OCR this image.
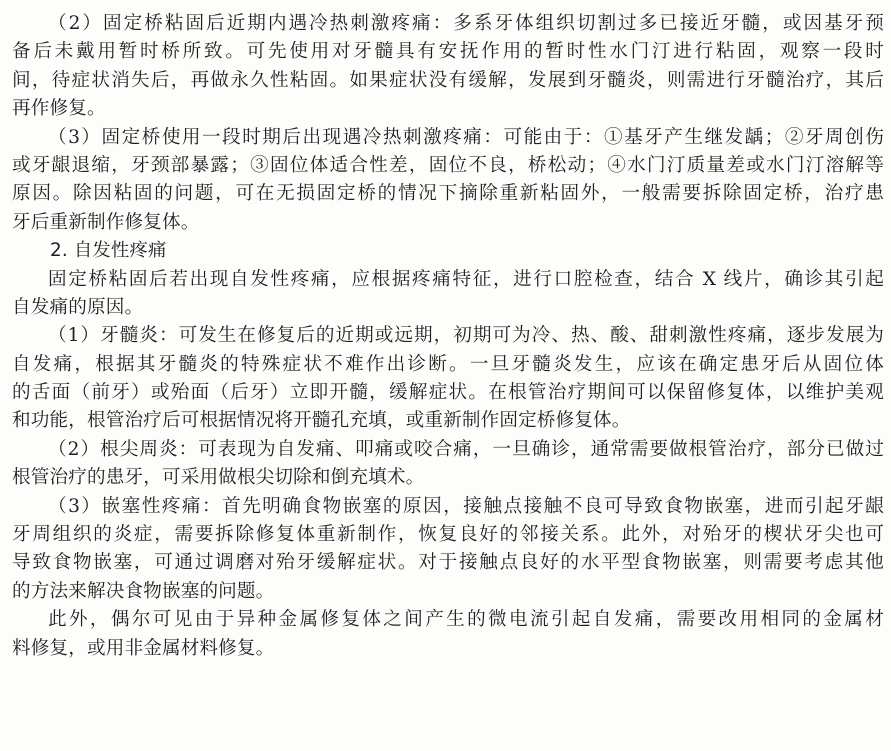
（2）固定桥粘固后近期内遇冷热刺激疼痛：多系牙体组织切割过多已接近牙髓，或因基牙预
备后未戴用暂时桥所致。可先使用对牙髓具有安抚作用的暂时性水门汀进行粘固，观察一段时
间，待症状消失后，再做永久性粘固。如果症状没有缓解，发展到牙髓炎，则需进行牙髓治疗，其后
再作修复。
（3）固定桥使用一段时期后出现遇冷热刺激疼痛：可能由于：①基牙产生继发龋；②牙周创伤
或牙龈退缩，牙颈部暴露；③固位体适合性差，固位不良，桥松动；④水门汀质量差或水门汀溶解等
原因。除因粘固的问题，可在无损固定桥的情况下摘除重新粘固外，一般需要拆除固定桥，治疗患
牙后重新制作修复体。
2. 自发性疼痛
固定桥粘固后若出现自发性疼痛，应根据疼痛特征，进行口腔检查，结合 X 线片，确诊其引起
自发痛的原因。
（1）牙髓炎：可发生在修复后的近期或远期，初期可为冷、热、酸、甜刺激性疼痛，逐步发展为
自发痛，根据其牙髓炎的特殊症状不难作出诊断。一旦牙髓炎发生，应该在确定患牙后从固位体
的舌面（前牙）或殆面（后牙）立即开髓，缓解症状。在根管治疗期间可以保留修复体，以维护美观
和功能，根管治疗后可根据情况将开髓孔充填，或重新制作固定桥修复体。
（2）根尖周炎：可表现为自发痛、叩痛或咬合痛，一旦确诊，通常需要做根管治疗，部分已做过
根管治疗的患牙，可采用做根尖切除和倒充填术。
（3）嵌塞性疼痛：首先明确食物嵌塞的原因，接触点接触不良可导致食物嵌塞，进而引起牙龈
牙周组织的炎症，需要拆除修复体重新制作，恢复良好的邻接关系。此外，对殆牙的楔状牙尖也可
导致食物嵌塞，可通过调磨对殆牙缓解症状。对于接触点良好的水平型食物嵌塞，则需要考虑其他
的方法来解决食物嵌塞的问题。
此外，偶尔可见由于异种金属修复体之间产生的微电流引起自发痛，需要改用相同的金属材
料修复，或用非金属材料修复。
